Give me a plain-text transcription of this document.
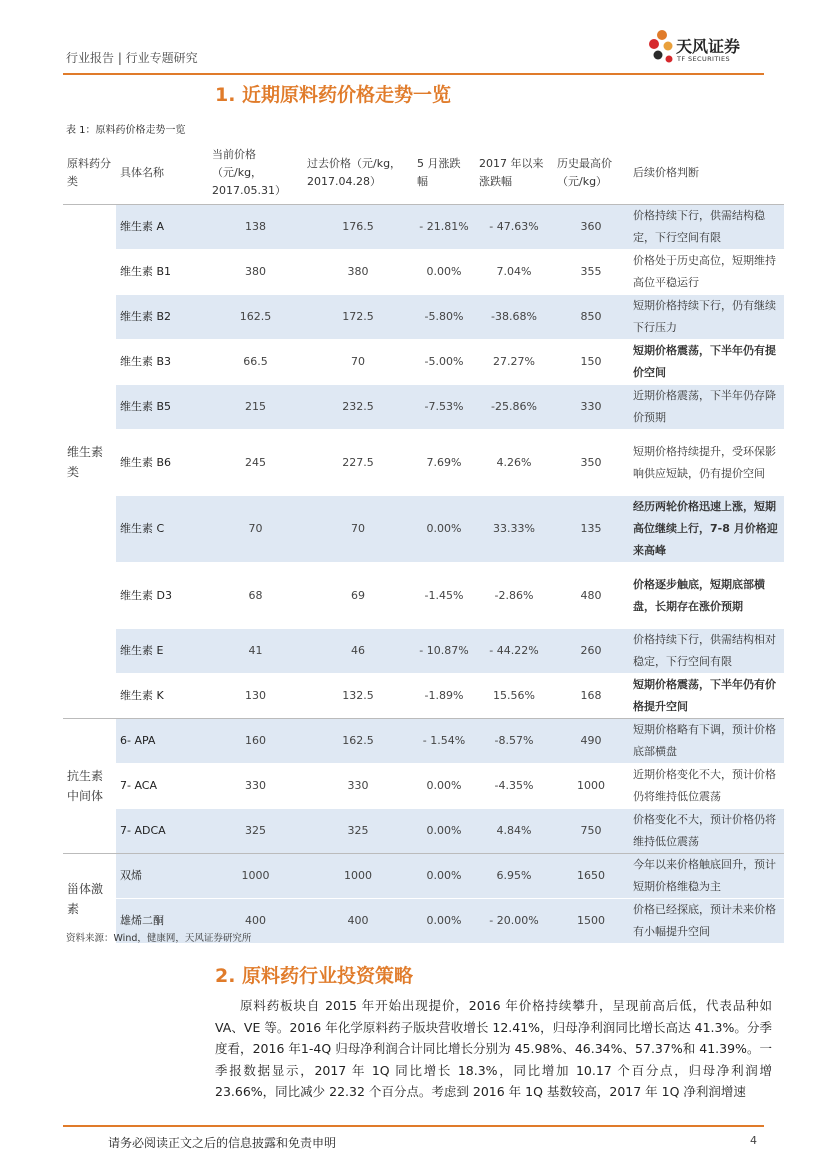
行业报告 | 行业专题研究
天风证券
TF SECURITIES
1. 近期原料药价格走势一览
表 1：原料药价格走势一览
原料药分类	具体名称	当前价格（元/kg，2017.05.31）	过去价格（元/kg，2017.04.28）	5 月涨跌幅	2017 年以来涨跌幅	历史最高价（元/kg）	后续价格判断
维生素类	维生素 A	138	176.5	- 21.81%	- 47.63%	360	价格持续下行，供需结构稳定，下行空间有限
	维生素 B1	380	380	0.00%	7.04%	355	价格处于历史高位，短期维持高位平稳运行
	维生素 B2	162.5	172.5	-5.80%	-38.68%	850	短期价格持续下行，仍有继续下行压力
	维生素 B3	66.5	70	-5.00%	27.27%	150	短期价格震荡，下半年仍有提价空间
	维生素 B5	215	232.5	-7.53%	-25.86%	330	近期价格震荡，下半年仍存降价预期
	维生素 B6	245	227.5	7.69%	4.26%	350	短期价格持续提升，受环保影响供应短缺，仍有提价空间
	维生素 C	70	70	0.00%	33.33%	135	经历两轮价格迅速上涨，短期高位继续上行，7-8 月价格迎来高峰
	维生素 D3	68	69	-1.45%	-2.86%	480	价格逐步触底，短期底部横盘，长期存在涨价预期
	维生素 E	41	46	- 10.87%	- 44.22%	260	价格持续下行，供需结构相对稳定，下行空间有限
	维生素 K	130	132.5	-1.89%	15.56%	168	短期价格震荡，下半年仍有价格提升空间
抗生素中间体	6- APA	160	162.5	- 1.54%	-8.57%	490	短期价格略有下调，预计价格底部横盘
	7- ACA	330	330	0.00%	-4.35%	1000	近期价格变化不大，预计价格仍将维持低位震荡
	7- ADCA	325	325	0.00%	4.84%	750	价格变化不大，预计价格仍将维持低位震荡
甾体激素	双烯	1000	1000	0.00%	6.95%	1650	今年以来价格触底回升，预计短期价格维稳为主
	雄烯二酮	400	400	0.00%	- 20.00%	1500	价格已经探底，预计未来价格有小幅提升空间
资料来源：Wind，健康网，天风证券研究所
2. 原料药行业投资策略
原料药板块自 2015 年开始出现提价，2016 年价格持续攀升，呈现前高后低，代表品种如 VA、VE 等。2016 年化学原料药子版块营收增长 12.41%，归母净利润同比增长高达 41.3%。分季度看，2016 年1-4Q 归母净利润合计同比增长分别为 45.98%、46.34%、57.37%和 41.39%。一季报数据显示，2017 年 1Q 同比增长 18.3%，同比增加 10.17 个百分点，归母净利润增 23.66%，同比减少 22.32 个百分点。考虑到 2016 年 1Q 基数较高，2017 年 1Q 净利润增速
请务必阅读正文之后的信息披露和免责申明	4
